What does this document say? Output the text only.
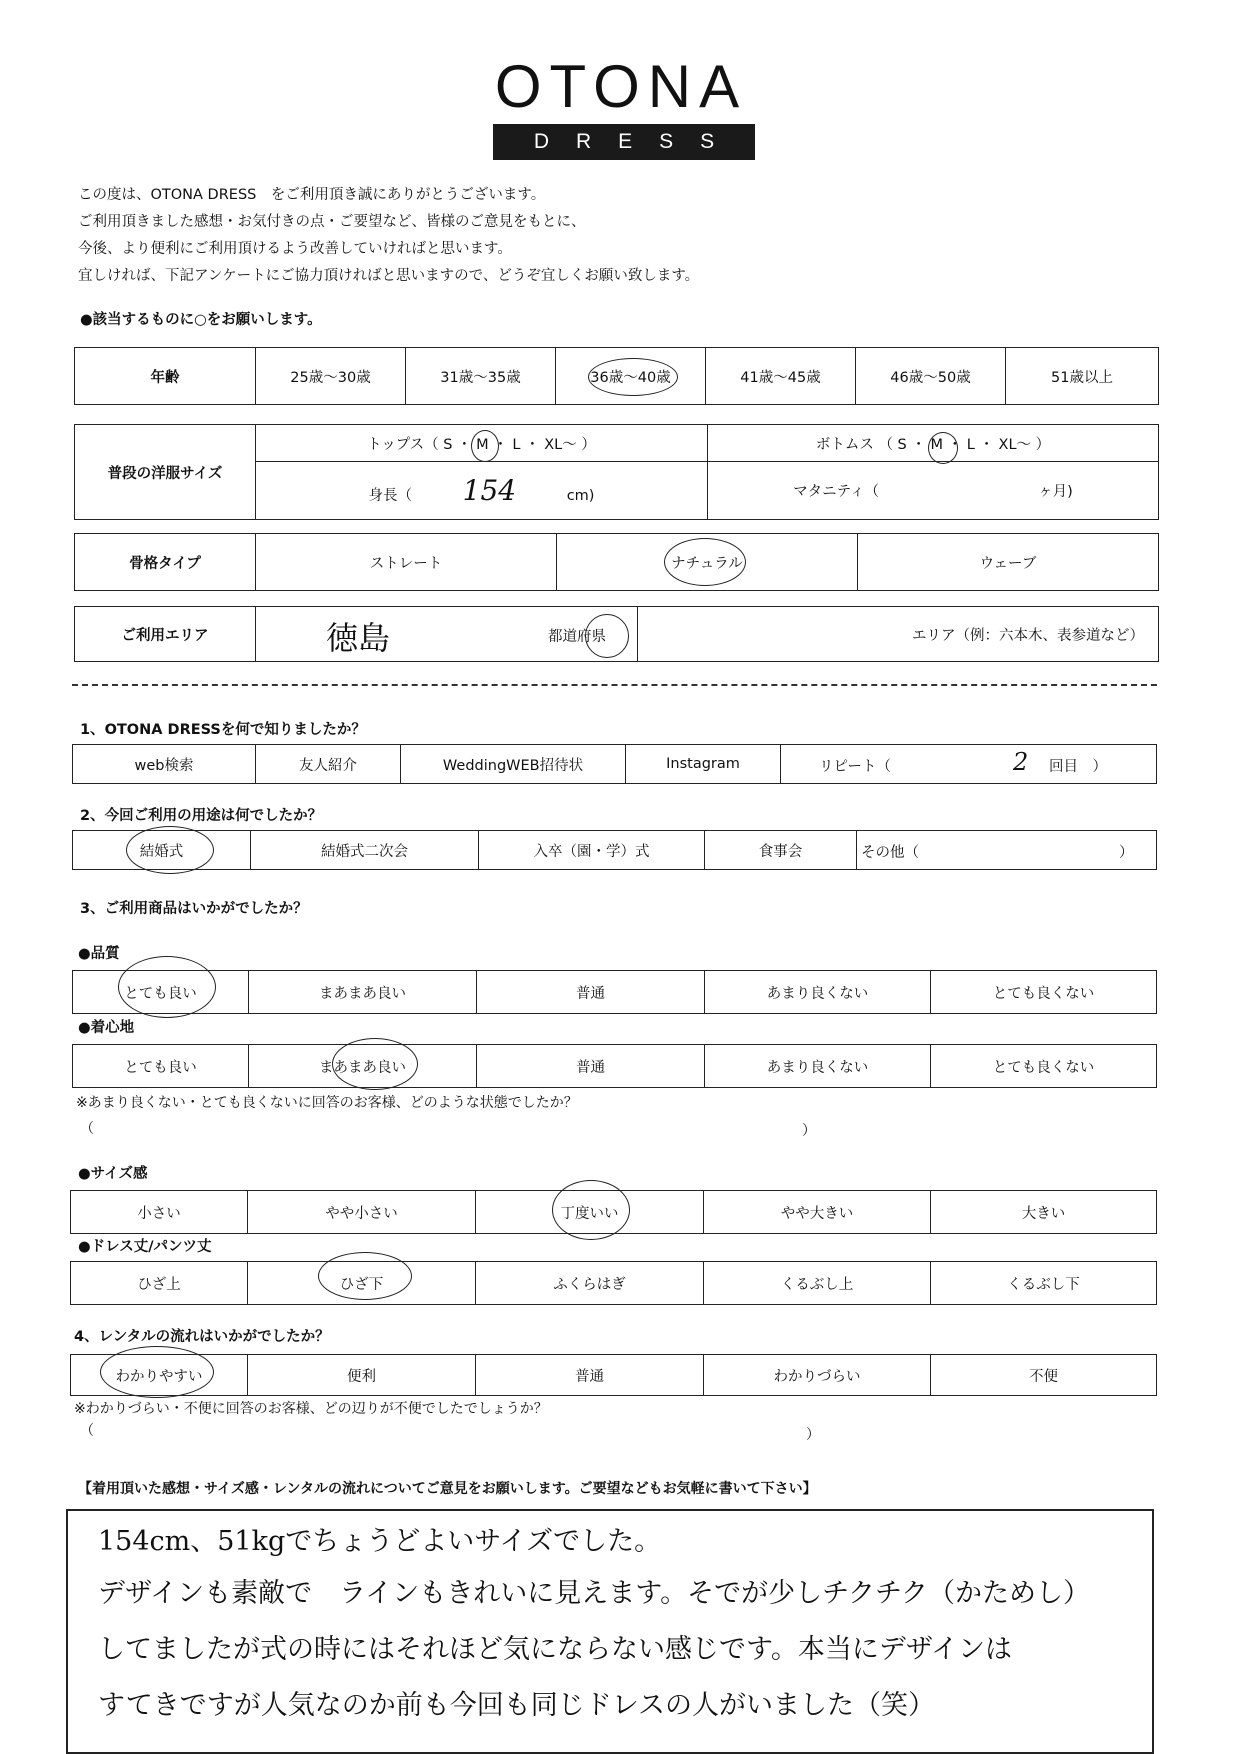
OTONA
DRESS
この度は、OTONA DRESS　をご利用頂き誠にありがとうございます。
ご利用頂きました感想・お気付きの点・ご要望など、皆様のご意見をもとに、
今後、より便利にご利用頂けるよう改善していければと思います。
宜しければ、下記アンケートにご協力頂ければと思いますので、どうぞ宜しくお願い致します。
●該当するものに○をお願いします。
年齢	25歳〜30歳	31歳〜35歳	36歳〜40歳	41歳〜45歳	46歳〜50歳	51歳以上
普段の洋服サイズ	トップス（ S ・ M ・ L ・ XL〜 ）	ボトムス （ S ・ M ・ L ・ XL〜 ）
	身長（ 154 cm)	マタニティ（ ヶ月)
骨格タイプ	ストレート	ナチュラル	ウェーブ
ご利用エリア	徳島	都道府県	エリア（例：六本木、表参道など）
1、OTONA DRESSを何で知りましたか？
web検索	友人紹介	WeddingWEB招待状	Instagram	リピート（	2 回目　）
2、今回ご利用の用途は何でしたか？
結婚式	結婚式二次会	入卒（園・学）式	食事会	その他（	）
3、ご利用商品はいかがでしたか？
●品質
とても良い	まあまあ良い	普通	あまり良くない	とても良くない
●着心地
とても良い	まあまあ良い	普通	あまり良くない	とても良くない
※あまり良くない・とても良くないに回答のお客様、どのような状態でしたか？
（	）
●サイズ感
小さい	やや小さい	丁度いい	やや大きい	大きい
●ドレス丈/パンツ丈
ひざ上	ひざ下	ふくらはぎ	くるぶし上	くるぶし下
4、レンタルの流れはいかがでしたか？
わかりやすい	便利	普通	わかりづらい	不便
※わかりづらい・不便に回答のお客様、どの辺りが不便でしたでしょうか？
（	）
【着用頂いた感想・サイズ感・レンタルの流れについてご意見をお願いします。ご要望などもお気軽に書いて下さい】
154cm、51kgでちょうどよいサイズでした。
デザインも素敵で　ラインもきれいに見えます。そでが少しチクチク（かためし）
してましたが式の時にはそれほど気にならない感じです。本当にデザインは
すてきですが人気なのか前も今回も同じドレスの人がいました（笑）
